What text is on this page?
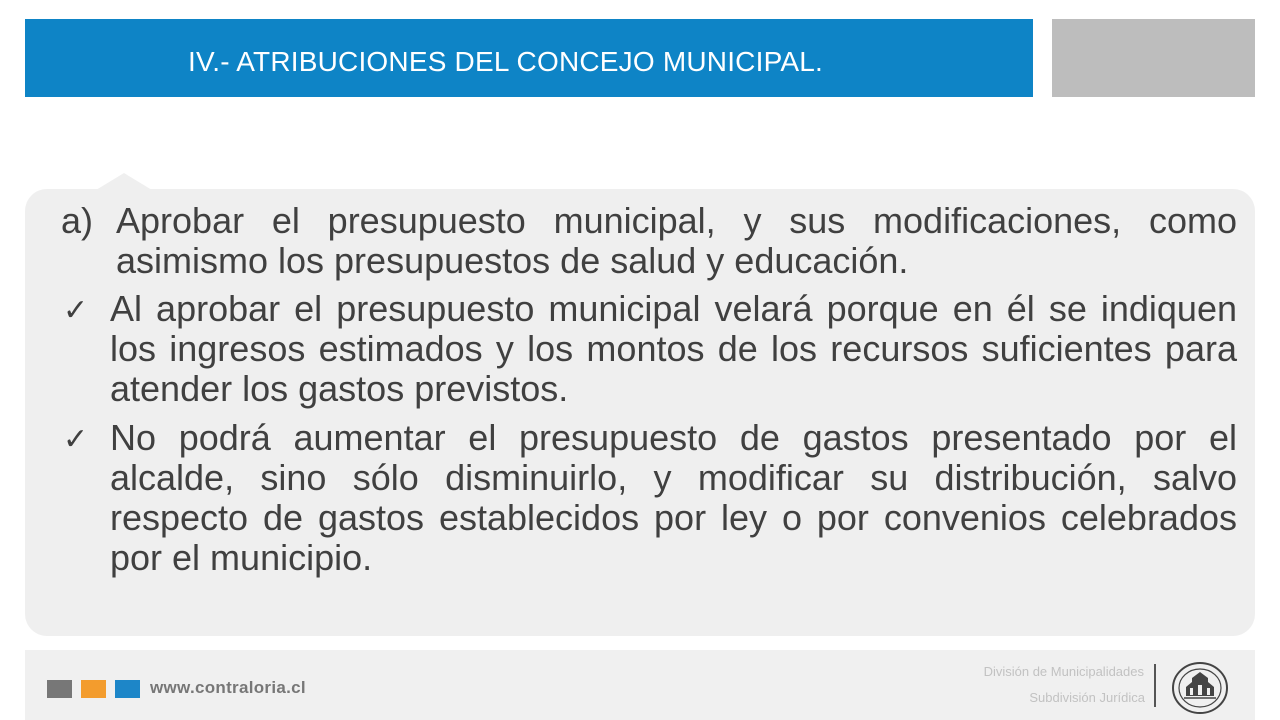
IV.- ATRIBUCIONES DEL CONCEJO MUNICIPAL.
a) Aprobar el presupuesto municipal, y sus modificaciones, como asimismo los presupuestos de salud y educación.
✓ Al aprobar el presupuesto municipal velará porque en él se indiquen los ingresos estimados y los montos de los recursos suficientes para atender los gastos previstos.
✓ No podrá aumentar el presupuesto de gastos presentado por el alcalde, sino sólo disminuirlo, y modificar su distribución, salvo respecto de gastos establecidos por ley o por convenios celebrados por el municipio.
www.contraloria.cl
División de Municipalidades
Subdivisión Jurídica
